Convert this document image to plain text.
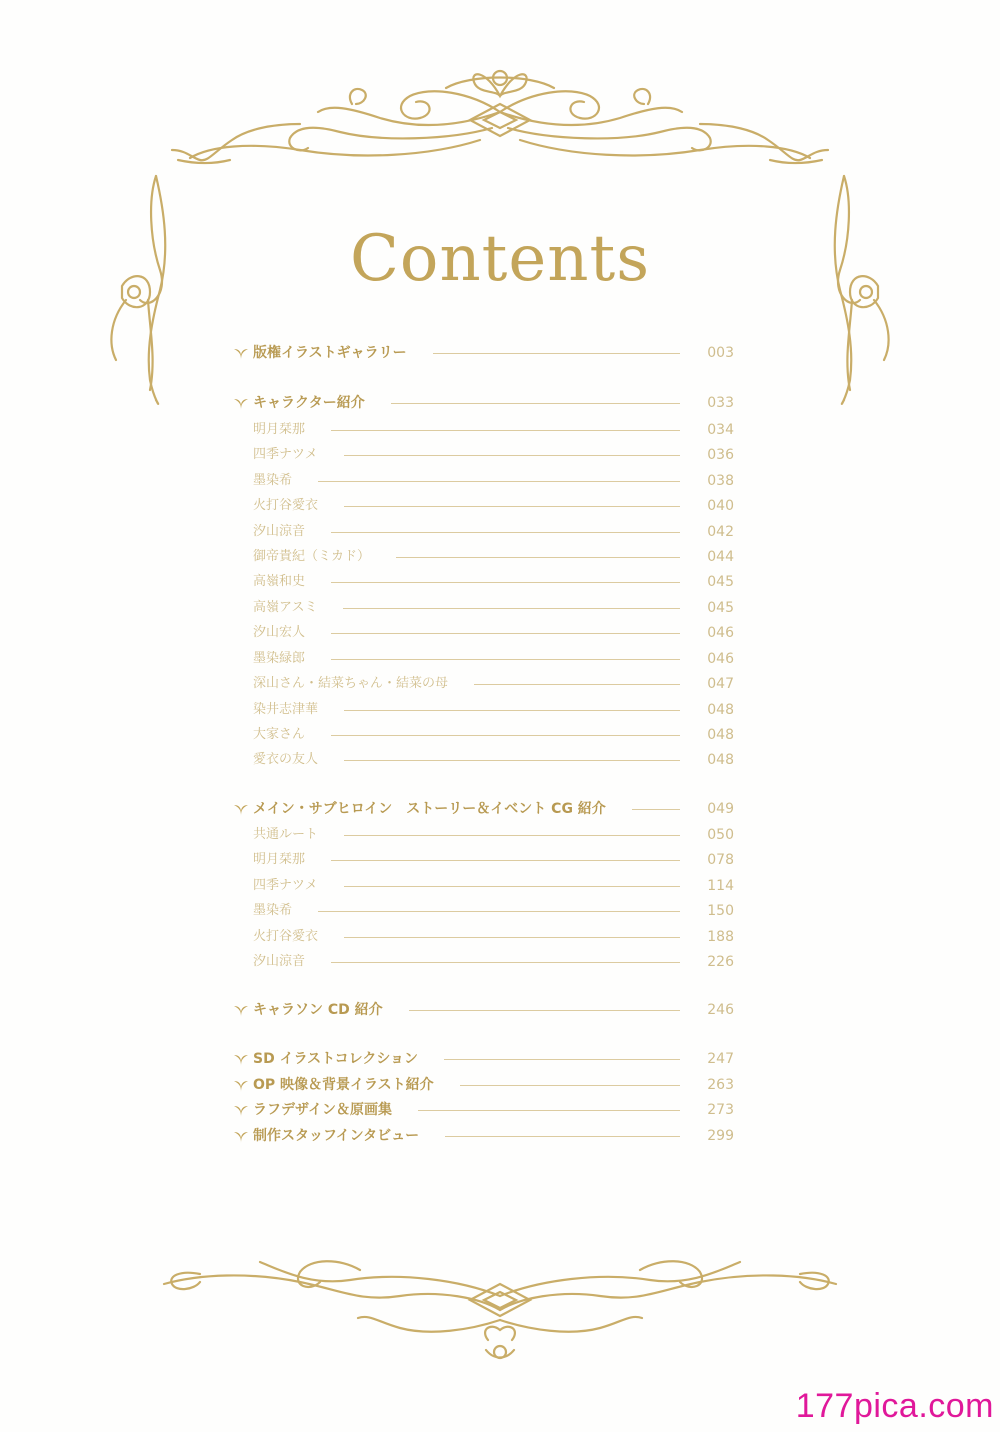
Contents
版権イラストギャラリー	003
キャラクター紹介	033
明月栞那	034
四季ナツメ	036
墨染希	038
火打谷愛衣	040
汐山涼音	042
御帝貴紀（ミカド）	044
高嶺和史	045
高嶺アスミ	045
汐山宏人	046
墨染緑郎	046
深山さん・結菜ちゃん・結菜の母	047
染井志津華	048
大家さん	048
愛衣の友人	048
メイン・サブヒロイン　ストーリー＆イベント CG 紹介	049
共通ルート	050
明月栞那	078
四季ナツメ	114
墨染希	150
火打谷愛衣	188
汐山涼音	226
キャラソン CD 紹介	246
SD イラストコレクション	247
OP 映像＆背景イラスト紹介	263
ラフデザイン＆原画集	273
制作スタッフインタビュー	299
177pica.com
